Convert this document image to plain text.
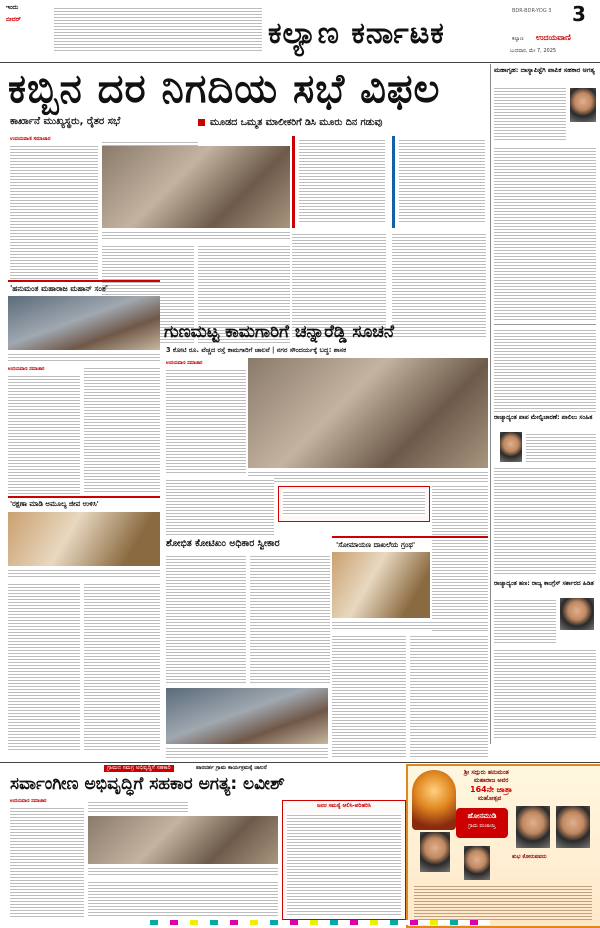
ಇಂದು
ಬೀದರ್	ಕಲ್ಯಾಣ ಕರ್ನಾಟಕ
BDR-BDR-YDG 3 3
ಕಲ್ಯಾಣ ಉದಯವಾಣಿ
ಬುಧವಾರ, ಮೇ 7, 2025
ಕಬ್ಬಿನ ದರ ನಿಗದಿಯ ಸಭೆ ವಿಫಲ
ಕಾರ್ಖಾನೆ ಮುಖ್ಯಸ್ಥರು, ರೈತರ ಸಭೆ	ಮೂಡದ ಒಮ್ಮತ ಮಾಲೀಕರಿಗೆ ಡಿಸಿ ಮೂರು ದಿನ ಗಡುವು
ಉದಯವಾಣಿ ಸಮಾಚಾರ
ಮಹಾಗೃಹ: ದಾಸ್ಯಾಪಿಸ್ಟೆಗಿ ಪಾಪಿಕ ಸಹಕಾರ ಅಗತ್ಯ
ರಾಜ್ಯಾದ್ಯಂತ ಪಾಪ ಮೇಲ್ವಿಚಾರಣೆ: ಪಾಲಿಲು ಸಂಹಿತ
ರಾಜ್ಯಾದ್ಯಂತ ಹಣ: ರಾಜ್ಯ ಕಾಂಗ್ರೆಸ್ ಸರ್ಕಾರದ ಹಿಡಿತ
'ಹನುಮಂತ ಮಹಾರಾಜ ಮಹಾನ್ ಸಂತ'
ಉದಯವಾಣಿ ಸಮಾಚಾರ
'ರಕ್ಷಣಾ ಮಾಡಿ ಅಮೂಲ್ಯ ಜೀವ ಉಳಿಸಿ'
ಗುಣಮಟ್ಟ ಕಾಮಗಾರಿಗೆ ಚನ್ನಾರೆಡ್ಡಿ ಸೂಚನೆ
3 ಕೋಟಿ ರೂ. ವೆಚ್ಚದ ರಸ್ತೆ ಕಾಮಗಾರಿಗೆ ಚಾಲನೆ | ನಗರ ಸೌಂದರ್ಯಕ್ಕೆ ಬದ್ಧ: ಶಾಸಕ
ಉದಯವಾಣಿ ಸಮಾಚಾರ
ಶೋಭಿತ ಕೋಟಿಖಂ ಅಧಿಕಾರ ಸ್ವೀಕಾರ	'ಸೋಮಾಯಣ ದಾಖಲೆಯ ಗ್ರಂಥ'
ಗ್ರಾಮದ ಸಮಗ್ರ ಅಭಿವೃದ್ಧಿಗೆ ಸಹಕಾರಿ	ಪಾರದರ್ಶ ಗ್ರಾಮ ಕಾರ್ಯಕ್ರಮಕ್ಕೆ ಚಾಲನೆ
ಸರ್ವಾಂಗೀಣ ಅಭಿವೃದ್ಧಿಗೆ ಸಹಕಾರ ಅಗತ್ಯ: ಲವೀಶ್
ಉದಯವಾಣಿ ಸಮಾಚಾರ
ಜನರ ಸಮಸ್ಯೆ ಆಲಿಸಿ-ಪರಿಹರಿಸಿ
ಶ್ರೀ ಸದ್ಗುರು ಹನುಮಂತ
ಮಹಾರಾಜ ಅವರ
164ನೇ ಜಾತ್ರಾ
ಮಹೋತ್ಸವ
ಹೋನಮುಡಿ
ಗ್ರಾಮ ಪಂಚಾಯ್ತಿ
ಶುಭ ಕೋರುವವರು
